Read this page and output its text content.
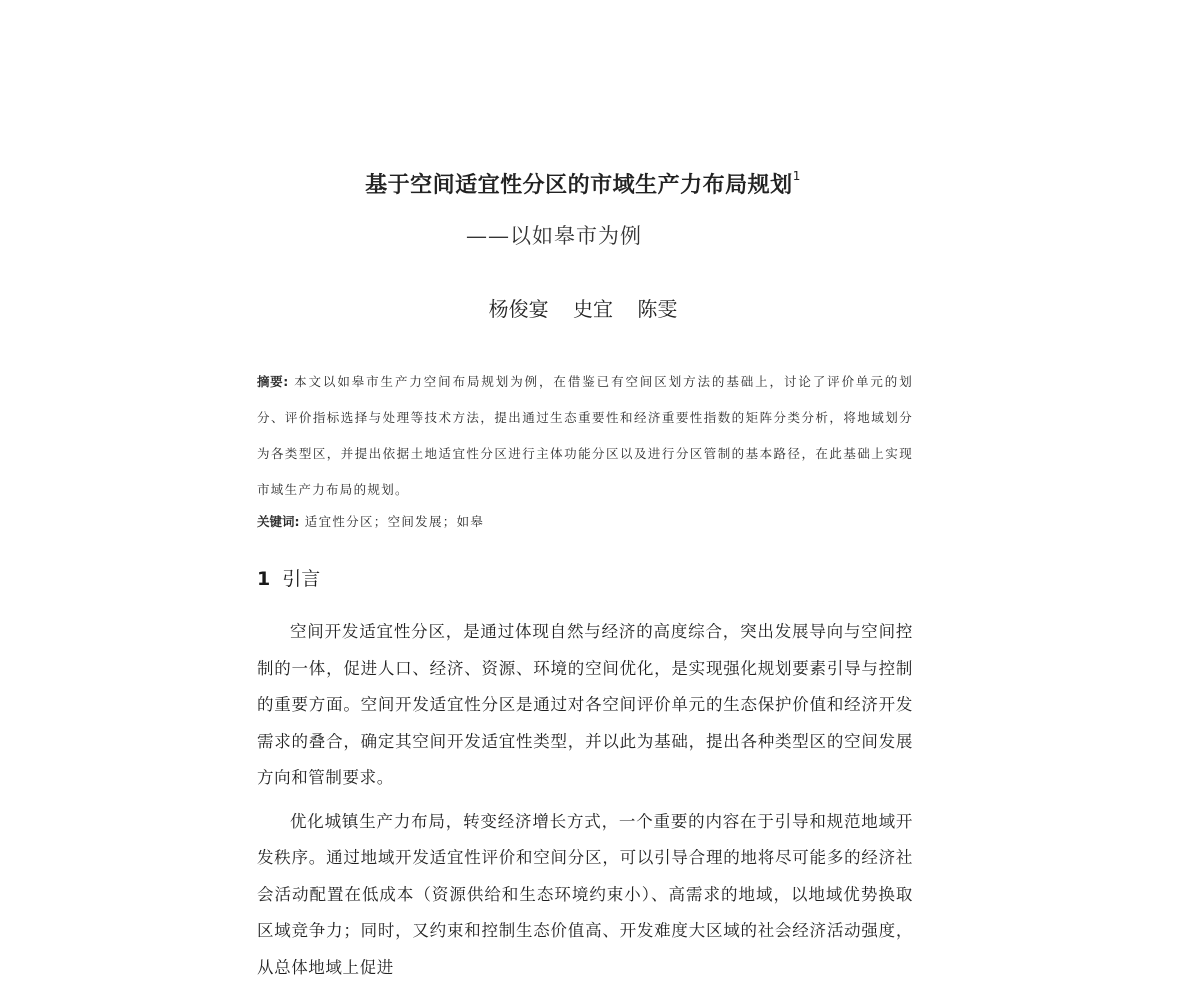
基于空间适宜性分区的市域生产力布局规划$^1$
——以如皋市为例
杨俊宴 史宜 陈雯
摘要: 本文以如皋市生产力空间布局规划为例，在借鉴已有空间区划方法的基础上，讨论了评价单元的划分、评价指标选择与处理等技术方法，提出通过生态重要性和经济重要性指数的矩阵分类分析，将地域划分为各类型区，并提出依据土地适宜性分区进行主体功能分区以及进行分区管制的基本路径，在此基础上实现市域生产力布局的规划。
关键词: 适宜性分区；空间发展；如皋
1 引言

空间开发适宜性分区，是通过体现自然与经济的高度综合，突出发展导向与空间控制的一体，促进人口、经济、资源、环境的空间优化，是实现强化规划要素引导与控制的重要方面。空间开发适宜性分区是通过对各空间评价单元的生态保护价值和经济开发需求的叠合，确定其空间开发适宜性类型，并以此为基础，提出各种类型区的空间发展方向和管制要求。

优化城镇生产力布局，转变经济增长方式，一个重要的内容在于引导和规范地域开发秩序。通过地域开发适宜性评价和空间分区，可以引导合理的地将尽可能多的经济社会活动配置在低成本（资源供给和生态环境约束小）、高需求的地域，以地域优势换取区域竞争力；同时，又约束和控制生态价值高、开发难度大区域的社会经济活动强度，从总体地域上促进
